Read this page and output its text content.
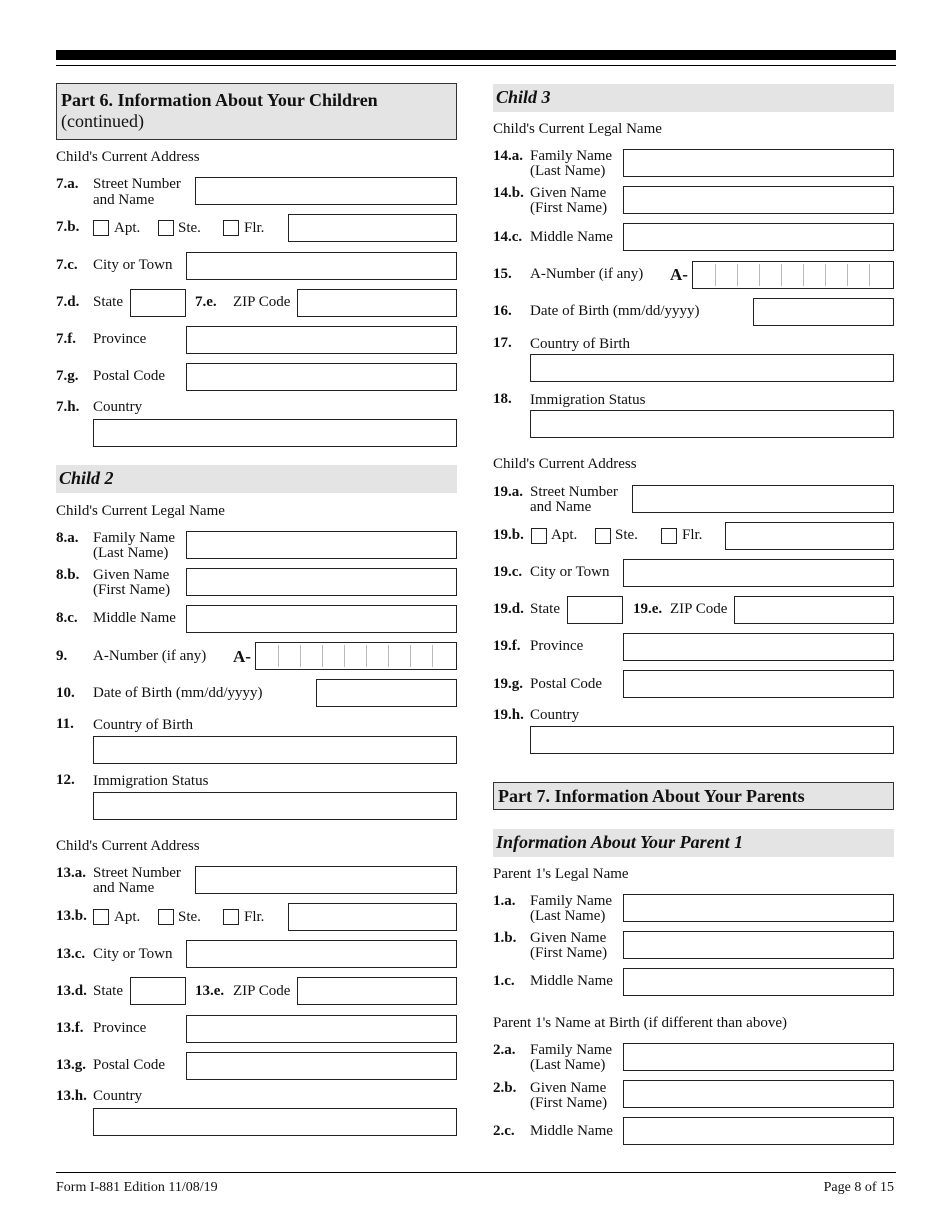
Part 6. Information About Your Children
(continued)
Child's Current Address
7.a. Street Number
and Name
7.b. Apt.	Ste.	Flr.
7.c. City or Town
7.d. State	7.e. ZIP Code
7.f. Province
7.g. Postal Code
7.h. Country
Child 2
Child's Current Legal Name
8.a. Family Name
(Last Name)
8.b. Given Name
(First Name)
8.c. Middle Name
9. A-Number (if any) A-
10. Date of Birth (mm/dd/yyyy)
11. Country of Birth
12. Immigration Status
Child's Current Address
13.a. Street Number
and Name
13.b. Apt.	Ste.	Flr.
13.c. City or Town
13.d. State	13.e. ZIP Code
13.f. Province
13.g. Postal Code
13.h. Country
Child 3
Child's Current Legal Name
14.a. Family Name
(Last Name)
14.b. Given Name
(First Name)
14.c. Middle Name
15. A-Number (if any) A-
16. Date of Birth (mm/dd/yyyy)
17. Country of Birth
18. Immigration Status
Child's Current Address
19.a. Street Number
and Name
19.b. Apt.	Ste.	Flr.
19.c. City or Town
19.d. State	19.e. ZIP Code
19.f. Province
19.g. Postal Code
19.h. Country
Part 7. Information About Your Parents
Information About Your Parent 1
Parent 1's Legal Name
1.a. Family Name
(Last Name)
1.b. Given Name
(First Name)
1.c. Middle Name
Parent 1's Name at Birth (if different than above)
2.a. Family Name
(Last Name)
2.b. Given Name
(First Name)
2.c. Middle Name
Form I-881 Edition 11/08/19	Page 8 of 15
